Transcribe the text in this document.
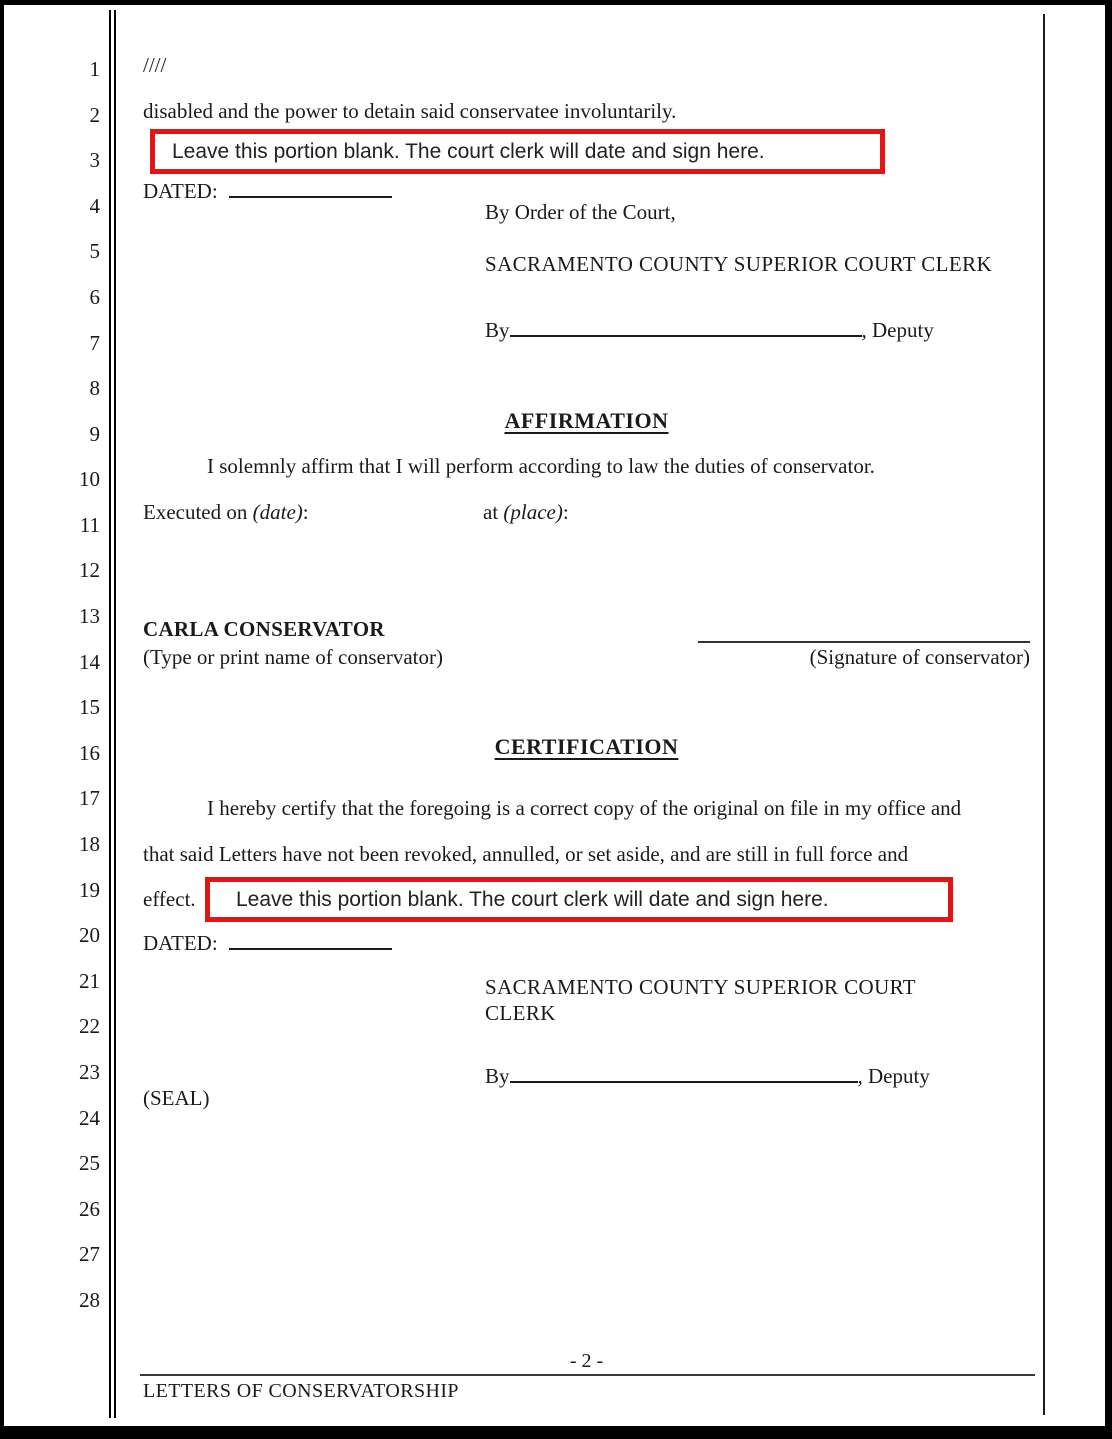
1
2
3
4
5
6
7
8
9
10
11
12
13
14
15
16
17
18
19
20
21
22
23
24
25
26
27
28
////
disabled and the power to detain said conservatee involuntarily.
Leave this portion blank. The court clerk will date and sign here.
DATED:
By Order of the Court,
SACRAMENTO COUNTY SUPERIOR COURT CLERK
By	, Deputy
AFFIRMATION
I solemnly affirm that I will perform according to law the duties of conservator.
Executed on (date):	at (place):
CARLA CONSERVATOR
(Type or print name of conservator)	(Signature of conservator)
CERTIFICATION
I hereby certify that the foregoing is a correct copy of the original on file in my office and
that said Letters have not been revoked, annulled, or set aside, and are still in full force and
effect.	Leave this portion blank. The court clerk will date and sign here.
DATED:
SACRAMENTO COUNTY SUPERIOR COURT
CLERK
By	, Deputy
(SEAL)
- 2 -
LETTERS OF CONSERVATORSHIP
